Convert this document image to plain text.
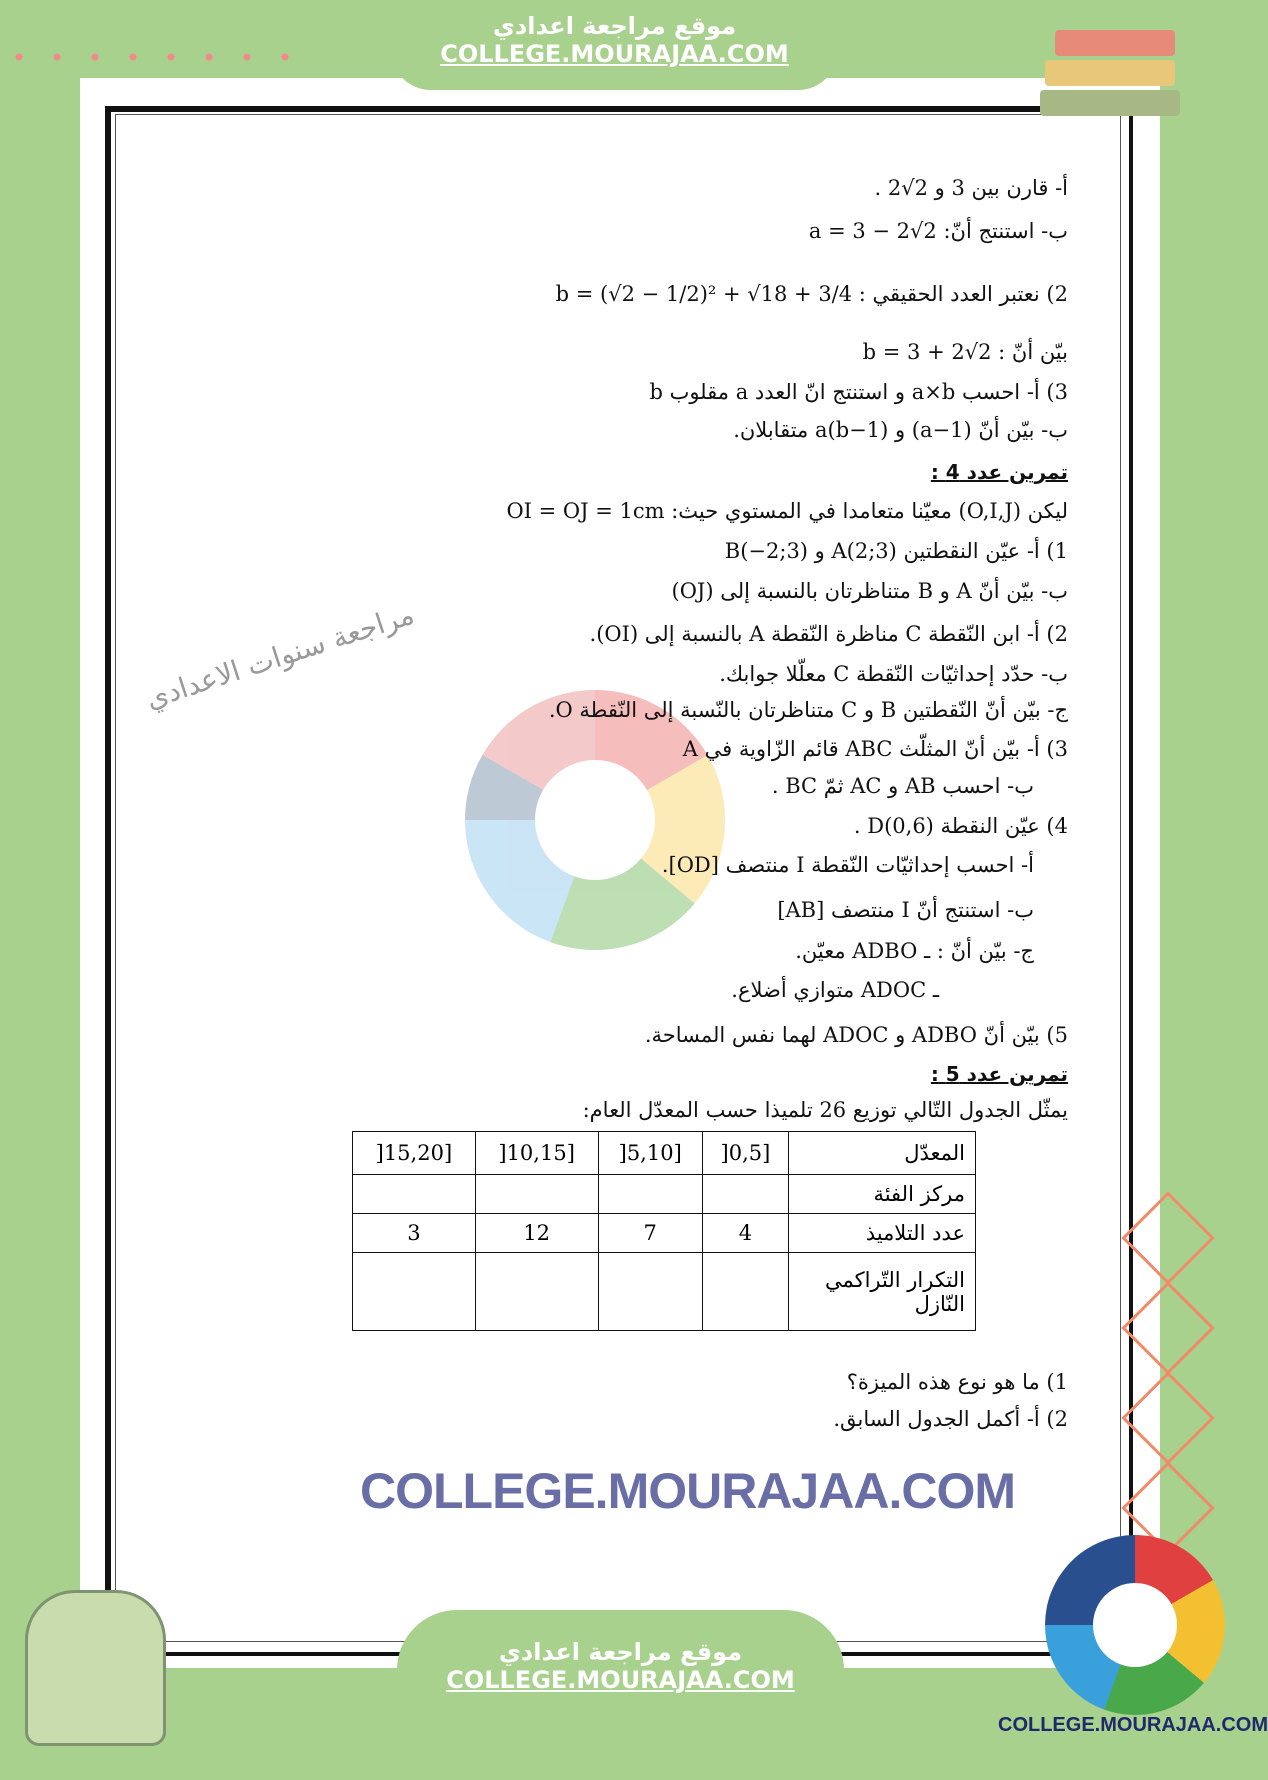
موقع مراجعة اعدادي
COLLEGE.MOURAJAA.COM
مراجعة سنوات الاعدادي
أ- قارن بين 3 و 2√2 .
ب- استنتج أنّ: a = 3 − 2√2
2) نعتبر العدد الحقيقي : b = (√2 − 1/2)² + √18 + 3/4
بيّن أنّ : b = 3 + 2√2
3) أ- احسب a×b و استنتج انّ العدد a مقلوب b
ب- بيّن أنّ (a−1) و (b−1)a متقابلان.
تمرين عدد 4 :
ليكن (O,I,J) معيّنا متعامدا في المستوي حيث: OI = OJ = 1cm
1) أ- عيّن النقطتين A(2;3) و B(−2;3)
ب- بيّن أنّ A و B متناظرتان بالنسبة إلى (OJ)
2) أ- ابن النّقطة C مناظرة النّقطة A بالنسبة إلى (OI).
ب- حدّد إحداثيّات النّقطة C معلّلا جوابك.
ج- بيّن أنّ النّقطتين B و C متناظرتان بالنّسبة إلى النّقطة O.
3) أ- بيّن أنّ المثلّث ABC قائم الزّاوية في A
ب- احسب AB و AC ثمّ BC .
4) عيّن النقطة D(0,6) .
أ- احسب إحداثيّات النّقطة I منتصف [OD].
ب- استنتج أنّ I منتصف [AB]
ج- بيّن أنّ : ـ ADBO معيّن.
ـ ADOC متوازي أضلاع.
5) بيّن أنّ ADBO و ADOC لهما نفس المساحة.
تمرين عدد 5 :
يمثّل الجدول التّالي توزيع 26 تلميذا حسب المعدّل العام:
المعدّل	[0,5[	[5,10[	[10,15[	[15,20[
مركز الفئة				
عدد التلاميذ	4	7	12	3
التكرار التّراكمي
النّازل				
1) ما هو نوع هذه الميزة؟
2) أ- أكمل الجدول السابق.
COLLEGE.MOURAJAA.COM
موقع مراجعة اعدادي
COLLEGE.MOURAJAA.COM
COLLEGE.MOURAJAA.COM
